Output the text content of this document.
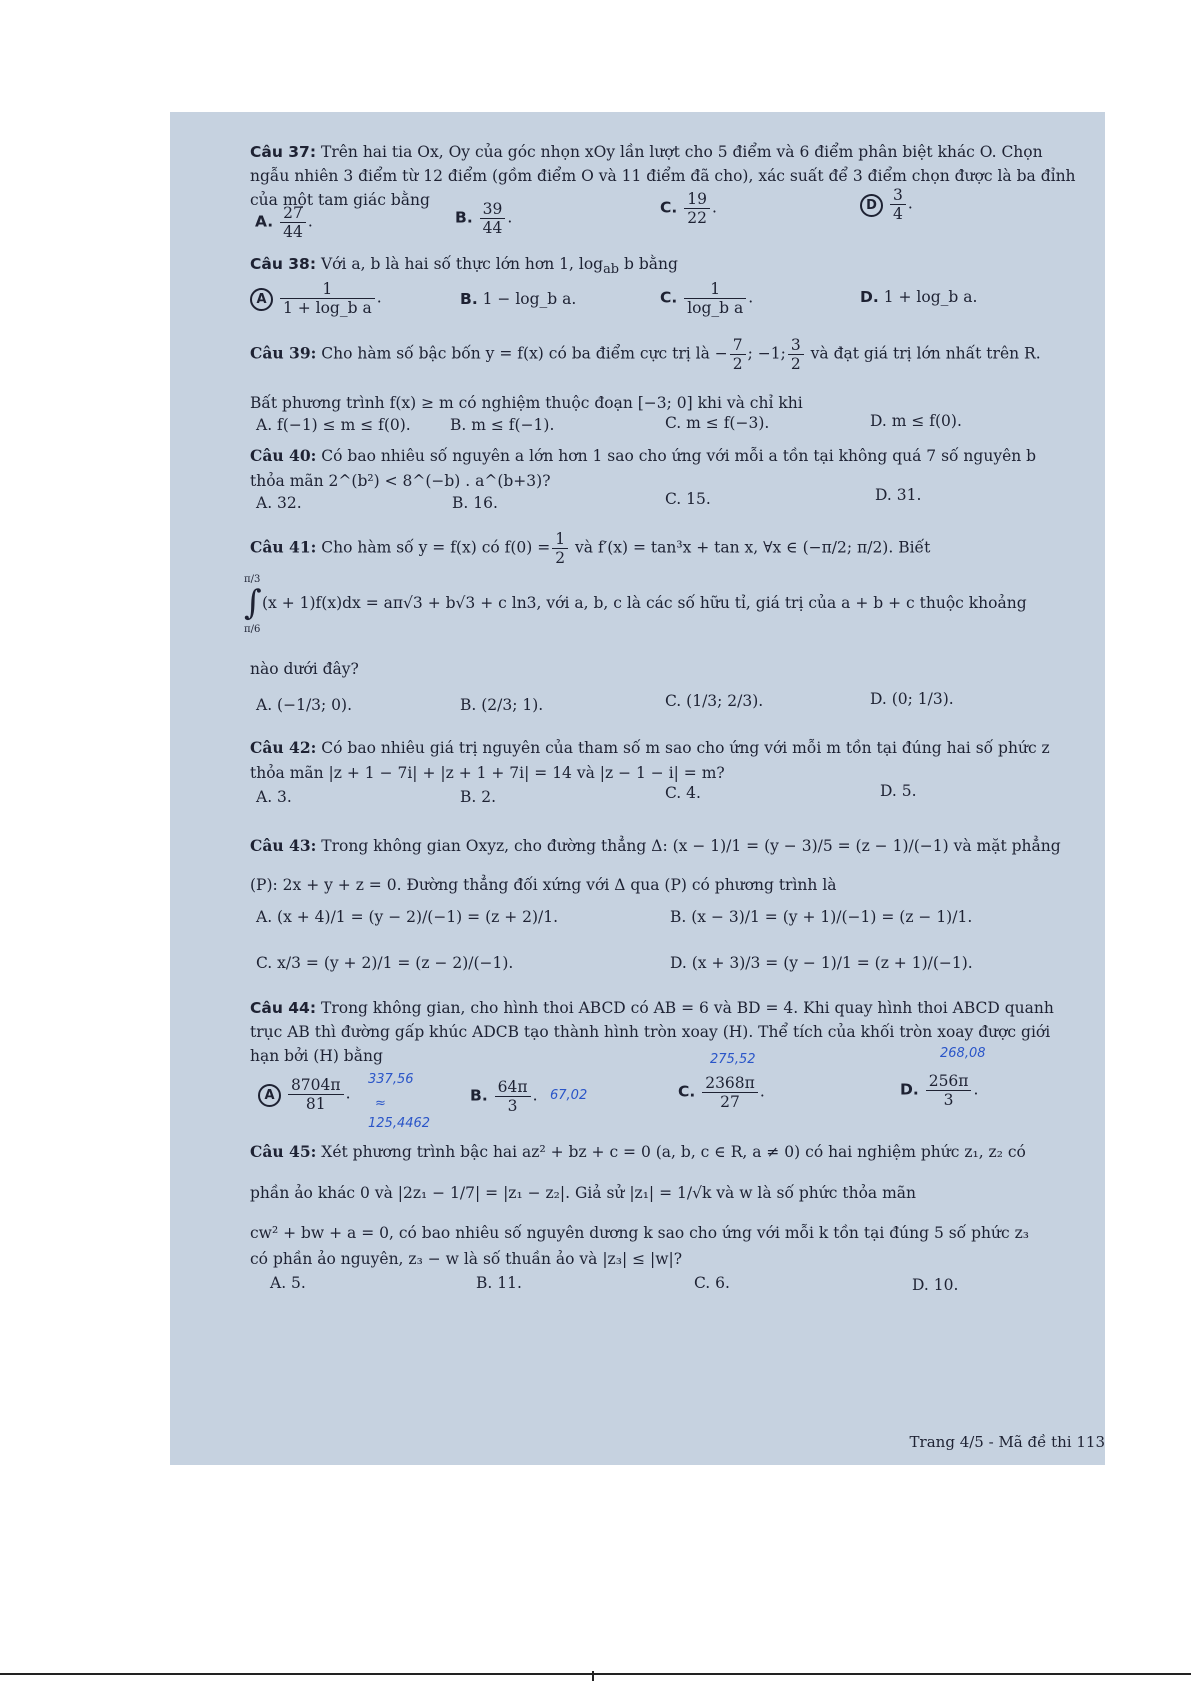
Câu 37: Trên hai tia Ox, Oy của góc nhọn xOy lần lượt cho 5 điểm và 6 điểm phân biệt khác O. Chọn ngẫu nhiên 3 điểm từ 12 điểm (gồm điểm O và 11 điểm đã cho), xác suất để 3 điểm chọn được là ba đỉnh của một tam giác bằng
A. $\frac{27}{44}$ .	B. $\frac{39}{44}$ .
C. $\frac{19}{22}$ .	D $\frac{3}{4}$ .
Câu 38: Với a, b là hai số thực lớn hơn 1, $\log_{ab} b$ bằng
A $\frac{1}{\text{1 + log\_b a}}$ .	B. 1 − log_b a.	C. $\frac{1}{\text{log\_b a}}$ .	D. 1 + log_b a.
Câu 39: Cho hàm số bậc bốn y = f(x) có ba điểm cực trị là − $\frac{7}{2}$ ; −1; $\frac{3}{2}$ và đạt giá trị lớn nhất trên R.
Bất phương trình f(x) ≥ m có nghiệm thuộc đoạn [−3; 0] khi và chỉ khi
A. f(−1) ≤ m ≤ f(0).	B. m ≤ f(−1).	C. m ≤ f(−3).	D. m ≤ f(0).
Câu 40: Có bao nhiêu số nguyên a lớn hơn 1 sao cho ứng với mỗi a tồn tại không quá 7 số nguyên b
thỏa mãn 2^(b²) < 8^(−b) . a^(b+3)?
A. 32.	B. 16.	C. 15.	D. 31.
Câu 41: Cho hàm số y = f(x) có $f(0) = \frac{1}{2}$ và f′(x) = tan³x + tan x, ∀x ∈ (−π/2; π/2). Biết
π/3
∫
π/6
(x + 1)f(x)dx = aπ√3 + b√3 + c ln3, với a, b, c là các số hữu tỉ, giá trị của a + b + c thuộc khoảng
nào dưới đây?
A. (−1/3; 0).	B. (2/3; 1).	C. (1/3; 2/3).	D. (0; 1/3).
Câu 42: Có bao nhiêu giá trị nguyên của tham số m sao cho ứng với mỗi m tồn tại đúng hai số phức z
thỏa mãn |z + 1 − 7i| + |z + 1 + 7i| = 14 và |z − 1 − i| = m?
A. 3.	B. 2.	C. 4.	D. 5.
Câu 43: Trong không gian Oxyz, cho đường thẳng Δ: (x − 1)/1 = (y − 3)/5 = (z − 1)/(−1) và mặt phẳng
(P): 2x + y + z = 0. Đường thẳng đối xứng với Δ qua (P) có phương trình là
A. (x + 4)/1 = (y − 2)/(−1) = (z + 2)/1.	B. (x − 3)/1 = (y + 1)/(−1) = (z − 1)/1.
C. x/3 = (y + 2)/1 = (z − 2)/(−1).	D. (x + 3)/3 = (y − 1)/1 = (z + 1)/(−1).
Câu 44: Trong không gian, cho hình thoi ABCD có AB = 6 và BD = 4. Khi quay hình thoi ABCD quanh trục AB thì đường gấp khúc ADCB tạo thành hình tròn xoay (H). Thể tích của khối tròn xoay được giới hạn bởi (H) bằng
A $\frac{8704\pi}{81}$ .
337,56
≈
125,4462
B. $\frac{64\pi}{3}$ . 67,02
275,52
C. $\frac{2368\pi}{27}$ .
268,08
D. $\frac{256\pi}{3}$ .
Câu 45: Xét phương trình bậc hai az² + bz + c = 0 (a, b, c ∈ R, a ≠ 0) có hai nghiệm phức z₁, z₂ có
phần ảo khác 0 và |2z₁ − 1/7| = |z₁ − z₂|. Giả sử |z₁| = 1/√k và w là số phức thỏa mãn
cw² + bw + a = 0, có bao nhiêu số nguyên dương k sao cho ứng với mỗi k tồn tại đúng 5 số phức z₃
có phần ảo nguyên, z₃ − w là số thuần ảo và |z₃| ≤ |w|?
A. 5.	B. 11.	C. 6.	D. 10.
Trang 4/5 - Mã đề thi 113
